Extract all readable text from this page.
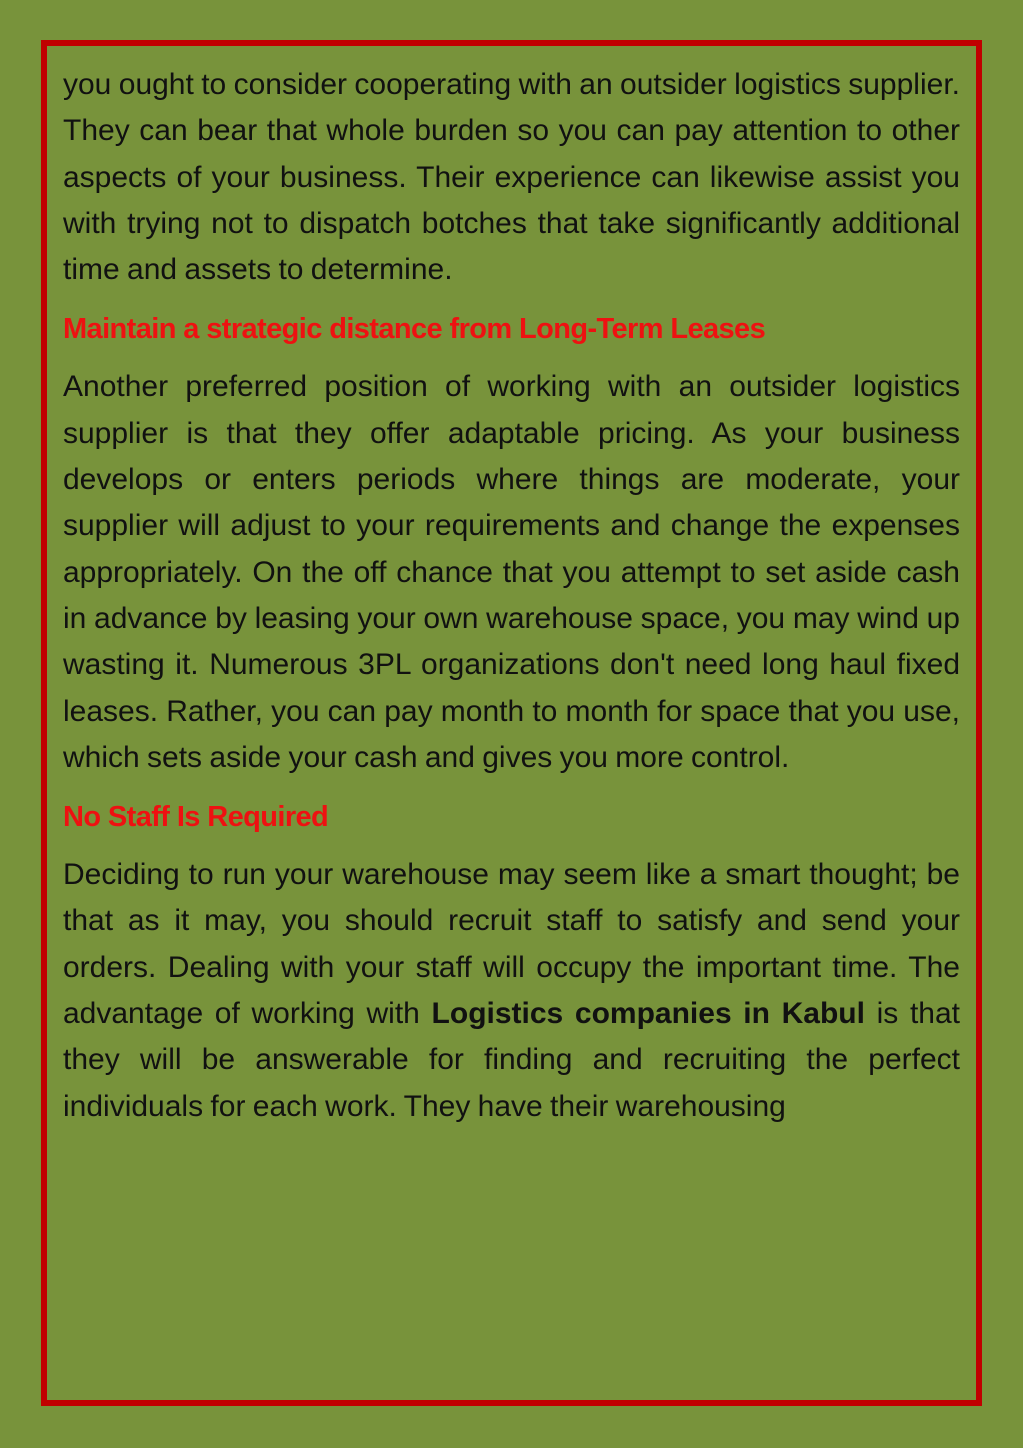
you ought to consider cooperating with an outsider logistics supplier. They can bear that whole burden so you can pay attention to other aspects of your business. Their experience can likewise assist you with trying not to dispatch botches that take significantly additional time and assets to determine.

Maintain a strategic distance from Long-Term Leases

Another preferred position of working with an outsider logistics supplier is that they offer adaptable pricing. As your business develops or enters periods where things are moderate, your supplier will adjust to your requirements and change the expenses appropriately. On the off chance that you attempt to set aside cash in advance by leasing your own warehouse space, you may wind up wasting it. Numerous 3PL organizations don't need long haul fixed leases. Rather, you can pay month to month for space that you use, which sets aside your cash and gives you more control.

No Staff Is Required

Deciding to run your warehouse may seem like a smart thought; be that as it may, you should recruit staff to satisfy and send your orders. Dealing with your staff will occupy the important time. The advantage of working with Logistics companies in Kabul is that they will be answerable for finding and recruiting the perfect individuals for each work. They have their warehousing
